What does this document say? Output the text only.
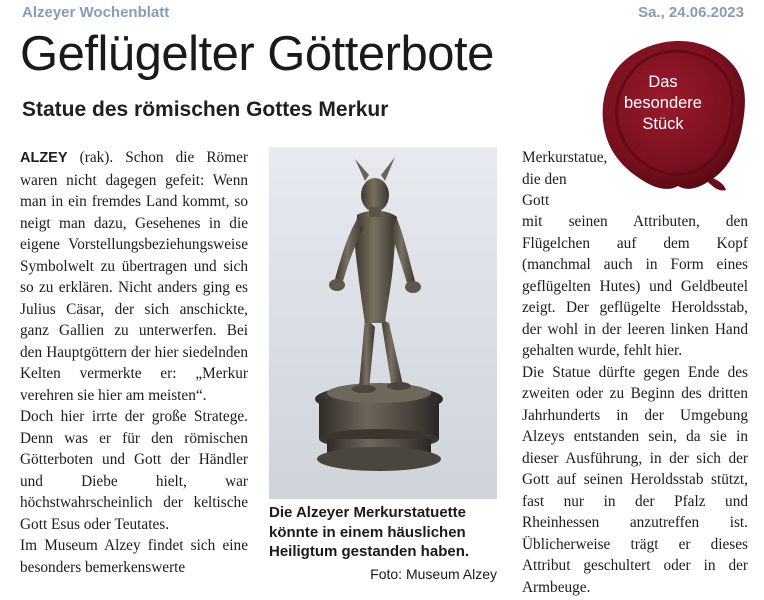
Alzeyer Wochenblatt	Sa., 24.06.2023
Geflügelter Götterbote
Statue des römischen Gottes Merkur
Das
besondere
Stück

ALZEY (rak). Schon die Römer waren nicht dagegen gefeit: Wenn man in ein fremdes Land kommt, so neigt man dazu, Gesehenes in die eigene Vorstellungsbeziehungsweise Symbolwelt zu übertragen und sich so zu erklären. Nicht anders ging es Julius Cäsar, der sich anschickte, ganz Gallien zu unterwerfen. Bei den Hauptgöttern der hier siedelnden Kelten vermerkte er: „Merkur verehren sie hier am meisten“.

Doch hier irrte der große Stratege. Denn was er für den römischen Götterboten und Gott der Händler und Diebe hielt, war höchstwahrscheinlich der keltische Gott Esus oder Teutates.

Im Museum Alzey findet sich eine besonders bemerkenswerte

Die Alzeyer Merkurstatuette könnte in einem häuslichen Heiligtum gestanden haben.
Foto: Museum Alzey

Merkurstatue, die den Gott

mit seinen Attributen, den Flügelchen auf dem Kopf (manchmal auch in Form eines geflügelten Hutes) und Geldbeutel zeigt. Der geflügelte Heroldsstab, der wohl in der leeren linken Hand gehalten wurde, fehlt hier.

Die Statue dürfte gegen Ende des zweiten oder zu Beginn des dritten Jahrhunderts in der Umgebung Alzeys entstanden sein, da sie in dieser Ausführung, in der sich der Gott auf seinen Heroldsstab stützt, fast nur in der Pfalz und Rheinhessen anzutreffen ist. Üblicherweise trägt er dieses Attribut geschultert oder in der Armbeuge.
